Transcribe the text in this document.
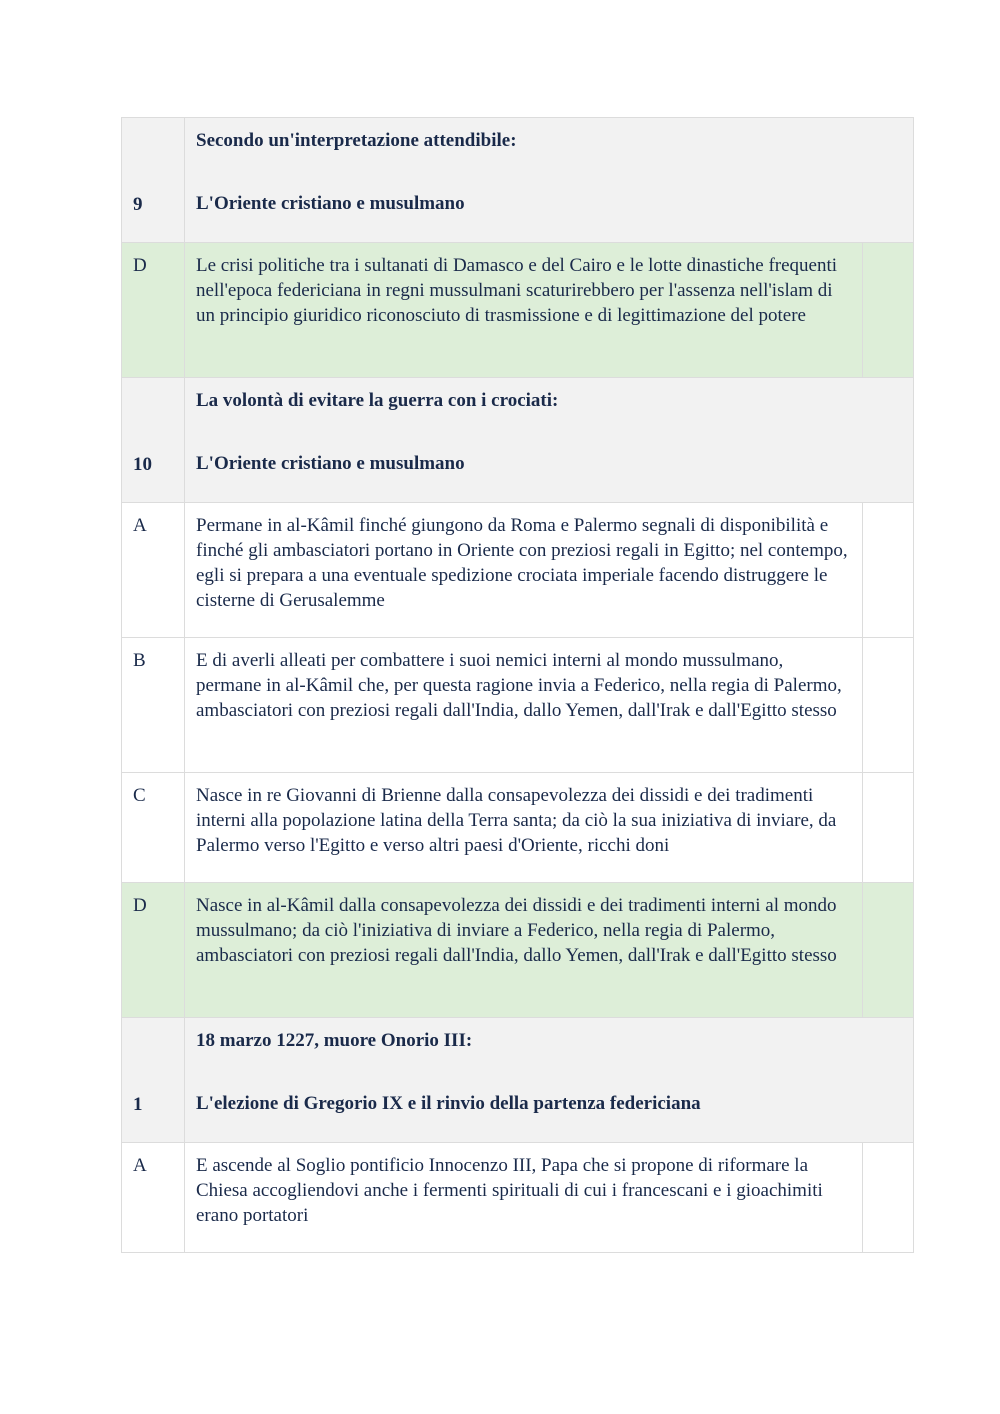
9	Secondo un'interpretazione attendibile:
L'Oriente cristiano e musulmano	

D	Le crisi politiche tra i sultanati di Damasco e del Cairo e le lotte dinastiche frequenti nell'epoca federiciana in regni mussulmani scaturirebbero per l'assenza nell'islam di un principio giuridico riconosciuto di trasmissione e di legittimazione del potere	
10	La volontà di evitare la guerra con i crociati:
L'Oriente cristiano e musulmano	

A	Permane in al-Kâmil finché giungono da Roma e Palermo segnali di disponibilità e finché gli ambasciatori portano in Oriente con preziosi regali in Egitto; nel contempo, egli si prepara a una eventuale spedizione crociata imperiale facendo distruggere le cisterne di Gerusalemme	
B	E di averli alleati per combattere i suoi nemici interni al mondo mussulmano, permane in al-Kâmil che, per questa ragione invia a Federico, nella regia di Palermo, ambasciatori con preziosi regali dall'India, dallo Yemen, dall'Irak e dall'Egitto stesso	
C	Nasce in re Giovanni di Brienne dalla consapevolezza dei dissidi e dei tradimenti interni alla popolazione latina della Terra santa; da ciò la sua iniziativa di inviare, da Palermo verso l'Egitto e verso altri paesi d'Oriente, ricchi doni	
D	Nasce in al-Kâmil dalla consapevolezza dei dissidi e dei tradimenti interni al mondo mussulmano; da ciò l'iniziativa di inviare a Federico, nella regia di Palermo, ambasciatori con preziosi regali dall'India, dallo Yemen, dall'Irak e dall'Egitto stesso	
1	18 marzo 1227, muore Onorio III:
L'elezione di Gregorio IX e il rinvio della partenza federiciana	

A	E ascende al Soglio pontificio Innocenzo III, Papa che si propone di riformare la Chiesa accogliendovi anche i fermenti spirituali di cui i francescani e i gioachimiti erano portatori	
